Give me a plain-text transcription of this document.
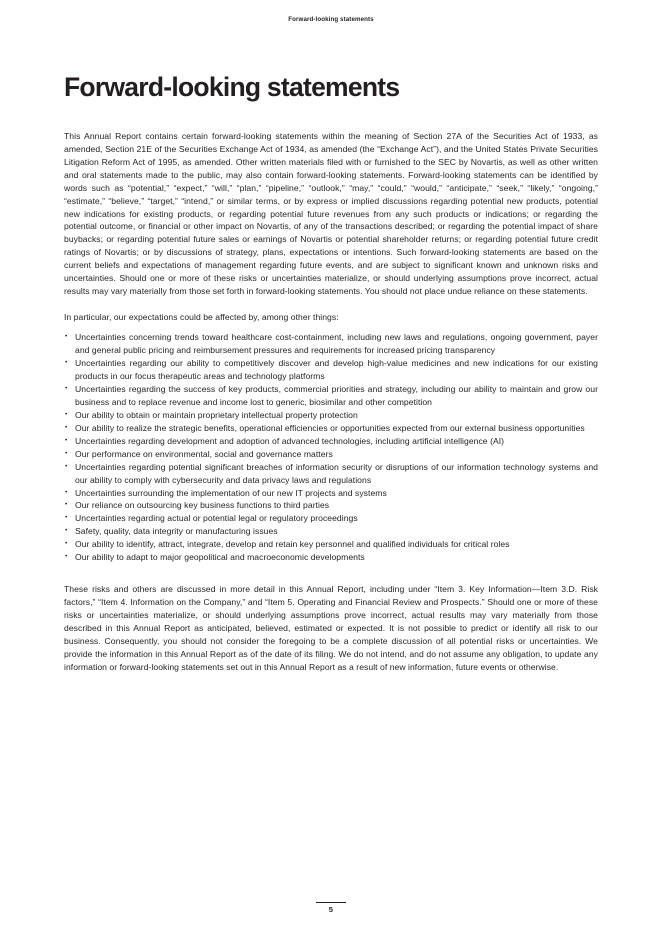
Forward-looking statements
Forward-looking statements

This Annual Report contains certain forward-looking statements within the meaning of Section 27A of the Securities Act of 1933, as amended, Section 21E of the Securities Exchange Act of 1934, as amended (the “Exchange Act”), and the United States Private Securities Litigation Reform Act of 1995, as amended. Other written materials filed with or furnished to the SEC by Novartis, as well as other written and oral statements made to the public, may also contain forward-looking statements. Forward-looking statements can be identified by words such as “potential,” “expect,” “will,” “plan,” “pipeline,” “outlook,” “may,” “could,” “would,” “anticipate,” “seek,” “likely,” “ongoing,” “estimate,” “believe,” “target,” “intend,” or similar terms, or by express or implied discussions regarding potential new products, potential new indications for existing products, or regarding potential future revenues from any such products or indications; or regarding the potential outcome, or financial or other impact on Novartis, of any of the transactions described; or regarding the potential impact of share buybacks; or regarding potential future sales or earnings of Novartis or potential shareholder returns; or regarding potential future credit ratings of Novartis; or by discussions of strategy, plans, expectations or intentions. Such forward-looking statements are based on the current beliefs and expectations of management regarding future events, and are subject to significant known and unknown risks and uncertainties. Should one or more of these risks or uncertainties materialize, or should underlying assumptions prove incorrect, actual results may vary materially from those set forth in forward-looking statements. You should not place undue reliance on these statements.

In particular, our expectations could be affected by, among other things:

• Uncertainties concerning trends toward healthcare cost-containment, including new laws and regulations, ongoing government, payer and general public pricing and reimbursement pressures and requirements for increased pricing transparency
• Uncertainties regarding our ability to competitively discover and develop high-value medicines and new indications for our existing products in our focus therapeutic areas and technology platforms
• Uncertainties regarding the success of key products, commercial priorities and strategy, including our ability to maintain and grow our business and to replace revenue and income lost to generic, biosimilar and other competition
• Our ability to obtain or maintain proprietary intellectual property protection
• Our ability to realize the strategic benefits, operational efficiencies or opportunities expected from our external business opportunities
• Uncertainties regarding development and adoption of advanced technologies, including artificial intelligence (AI)
• Our performance on environmental, social and governance matters
• Uncertainties regarding potential significant breaches of information security or disruptions of our information technology systems and our ability to comply with cybersecurity and data privacy laws and regulations
• Uncertainties surrounding the implementation of our new IT projects and systems
• Our reliance on outsourcing key business functions to third parties
• Uncertainties regarding actual or potential legal or regulatory proceedings
• Safety, quality, data integrity or manufacturing issues
• Our ability to identify, attract, integrate, develop and retain key personnel and qualified individuals for critical roles
• Our ability to adapt to major geopolitical and macroeconomic developments

These risks and others are discussed in more detail in this Annual Report, including under “Item 3. Key Information—Item 3.D. Risk factors,” “Item 4. Information on the Company,” and “Item 5. Operating and Financial Review and Prospects.” Should one or more of these risks or uncertainties materialize, or should underlying assumptions prove incorrect, actual results may vary materially from those described in this Annual Report as anticipated, believed, estimated or expected. It is not possible to predict or identify all risk to our business. Consequently, you should not consider the foregoing to be a complete discussion of all potential risks or uncertainties. We provide the information in this Annual Report as of the date of its filing. We do not intend, and do not assume any obligation, to update any information or forward-looking statements set out in this Annual Report as a result of new information, future events or otherwise.

5
